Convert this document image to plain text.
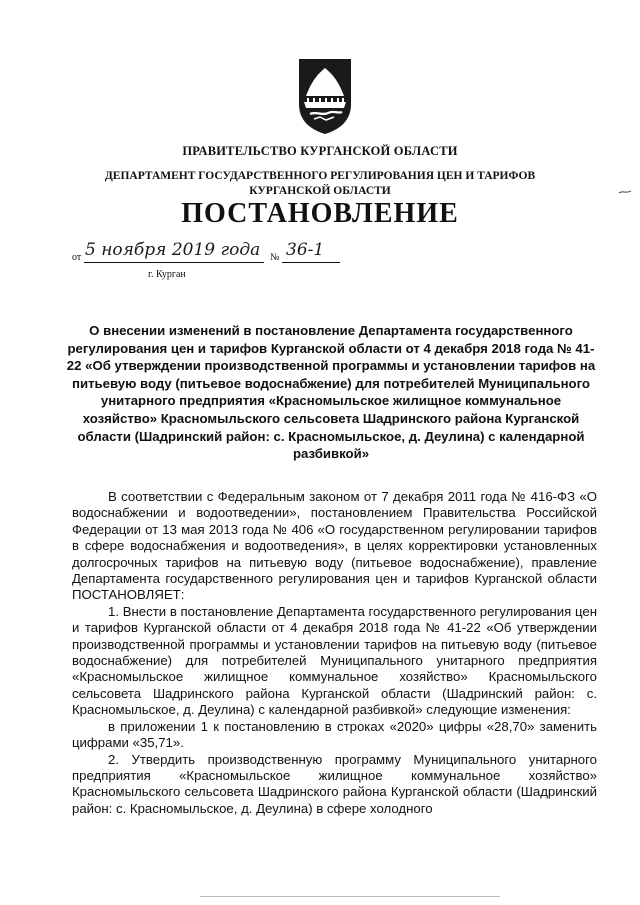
ПРАВИТЕЛЬСТВО КУРГАНСКОЙ ОБЛАСТИ
ДЕПАРТАМЕНТ ГОСУДАРСТВЕННОГО РЕГУЛИРОВАНИЯ ЦЕН И ТАРИФОВ
КУРГАНСКОЙ ОБЛАСТИ
ПОСТАНОВЛЕНИЕ
от 5 ноября 2019 года № 36-1
г. Курган
О внесении изменений в постановление Департамента государственного регулирования цен и тарифов Курганской области от 4 декабря 2018 года № 41-22 «Об утверждении производственной программы и установлении тарифов на питьевую воду (питьевое водоснабжение) для потребителей Муниципального унитарного предприятия «Красномыльское жилищное коммунальное хозяйство» Красномыльского сельсовета Шадринского района Курганской области (Шадринский район: с. Красномыльское, д. Деулина) с календарной разбивкой»

В соответствии с Федеральным законом от 7 декабря 2011 года № 416-ФЗ «О водоснабжении и водоотведении», постановлением Правительства Российской Федерации от 13 мая 2013 года № 406 «О государственном регулировании тарифов в сфере водоснабжения и водоотведения», в целях корректировки установленных долгосрочных тарифов на питьевую воду (питьевое водоснабжение), правление Департамента государственного регулирования цен и тарифов Курганской области ПОСТАНОВЛЯЕТ:

1. Внести в постановление Департамента государственного регулирования цен и тарифов Курганской области от 4 декабря 2018 года № 41-22 «Об утверждении производственной программы и установлении тарифов на питьевую воду (питьевое водоснабжение) для потребителей Муниципального унитарного предприятия «Красномыльское жилищное коммунальное хозяйство» Красномыльского сельсовета Шадринского района Курганской области (Шадринский район: с. Красномыльское, д. Деулина) с календарной разбивкой» следующие изменения:

в приложении 1 к постановлению в строках «2020» цифры «28,70» заменить цифрами «35,71».

2. Утвердить производственную программу Муниципального унитарного предприятия «Красномыльское жилищное коммунальное хозяйство» Красномыльского сельсовета Шадринского района Курганской области (Шадринский район: с. Красномыльское, д. Деулина) в сфере холодного
